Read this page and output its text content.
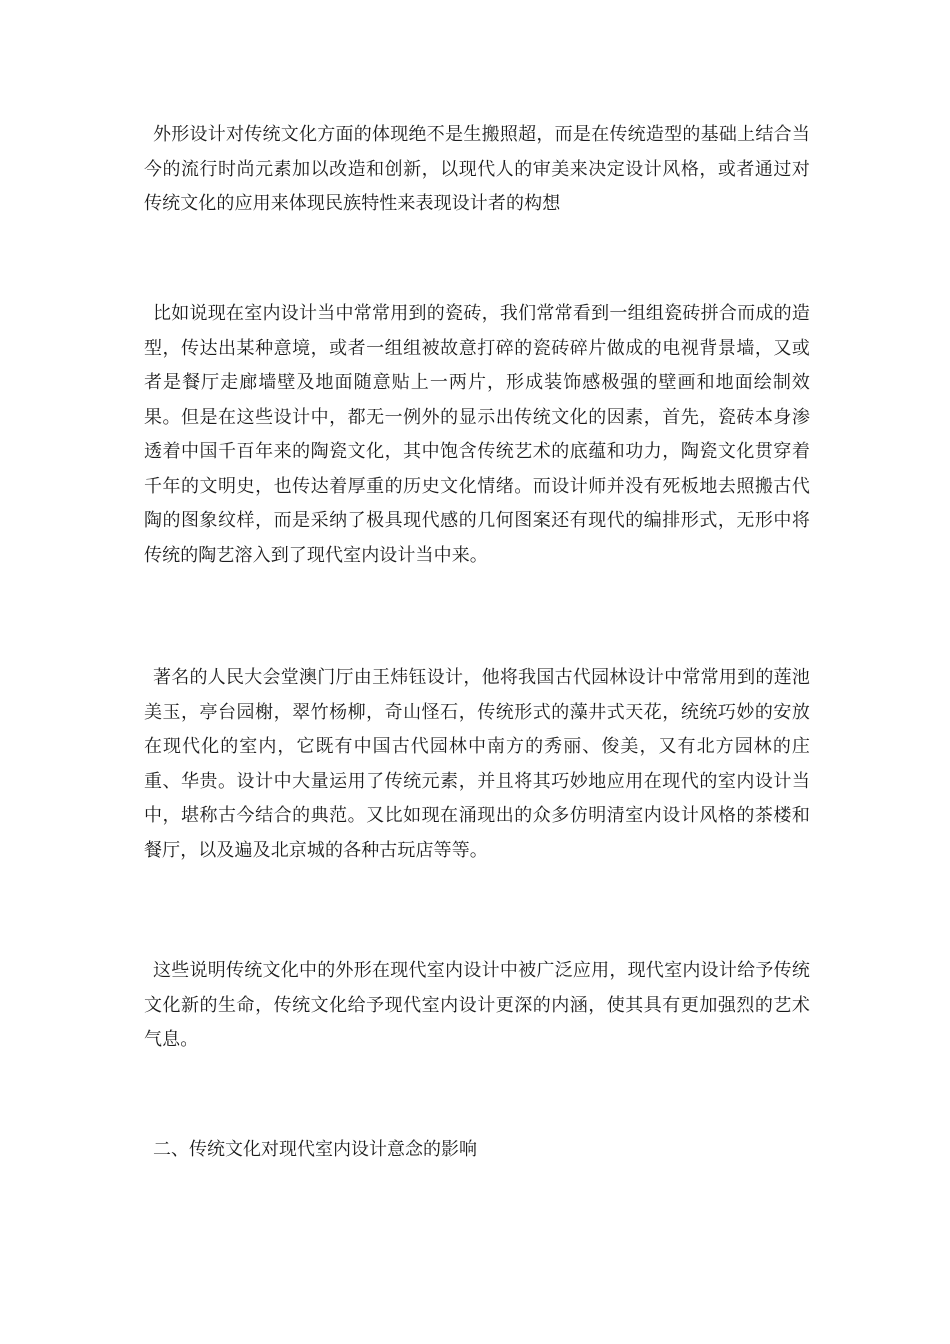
外形设计对传统文化方面的体现绝不是生搬照超，而是在传统造型的基础上结合当今的流行时尚元素加以改造和创新，以现代人的审美来决定设计风格，或者通过对传统文化的应用来体现民族特性来表现设计者的构想

比如说现在室内设计当中常常用到的瓷砖，我们常常看到一组组瓷砖拼合而成的造型，传达出某种意境，或者一组组被故意打碎的瓷砖碎片做成的电视背景墙，又或者是餐厅走廊墙壁及地面随意贴上一两片，形成装饰感极强的壁画和地面绘制效果。但是在这些设计中，都无一例外的显示出传统文化的因素，首先，瓷砖本身渗透着中国千百年来的陶瓷文化，其中饱含传统艺术的底蕴和功力，陶瓷文化贯穿着千年的文明史，也传达着厚重的历史文化情绪。而设计师并没有死板地去照搬古代陶的图象纹样，而是采纳了极具现代感的几何图案还有现代的编排形式，无形中将传统的陶艺溶入到了现代室内设计当中来。

著名的人民大会堂澳门厅由王炜钰设计，他将我国古代园林设计中常常用到的莲池美玉，亭台园榭，翠竹杨柳，奇山怪石，传统形式的藻井式天花，统统巧妙的安放在现代化的室内，它既有中国古代园林中南方的秀丽、俊美，又有北方园林的庄重、华贵。设计中大量运用了传统元素，并且将其巧妙地应用在现代的室内设计当中，堪称古今结合的典范。又比如现在涌现出的众多仿明清室内设计风格的茶楼和餐厅，以及遍及北京城的各种古玩店等等。

这些说明传统文化中的外形在现代室内设计中被广泛应用，现代室内设计给予传统文化新的生命，传统文化给予现代室内设计更深的内涵，使其具有更加强烈的艺术气息。

二、传统文化对现代室内设计意念的影响
